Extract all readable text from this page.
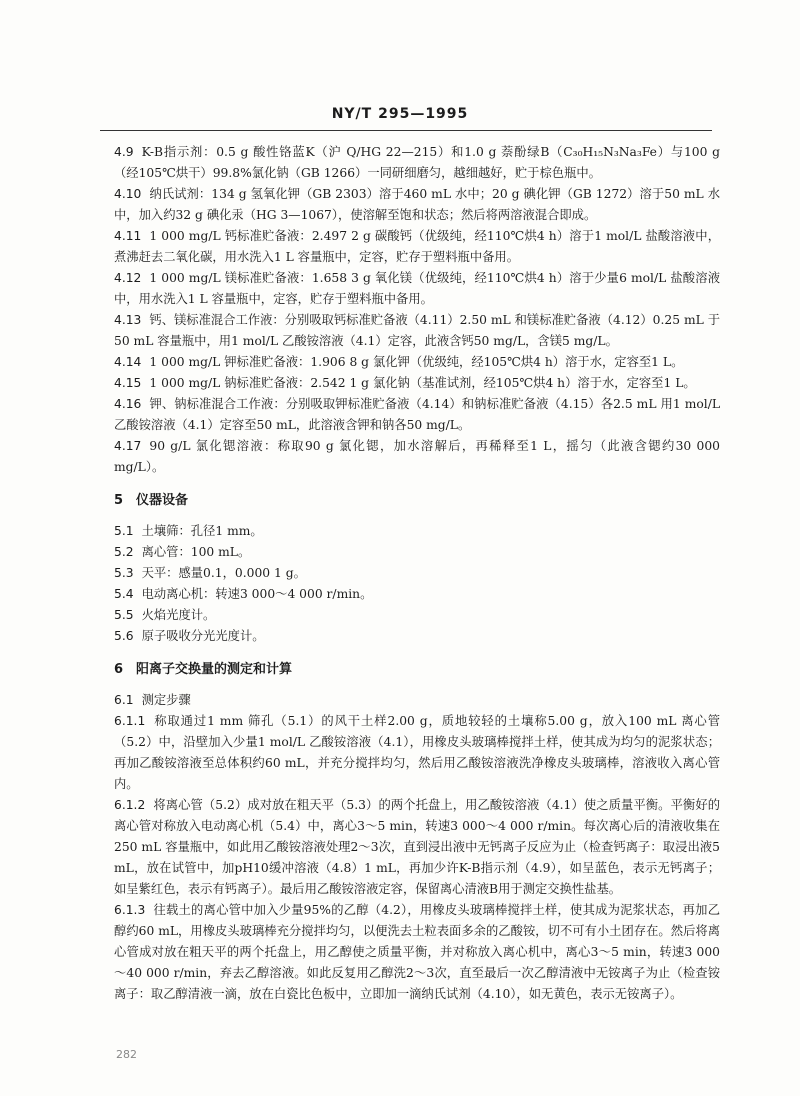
NY/T 295—1995

4.9 K-B指示剂：0.5 g 酸性铬蓝K（沪 Q/HG 22—215）和1.0 g 萘酚绿B（C₃₀H₁₅N₃Na₃Fe）与100 g（经105℃烘干）99.8%氯化钠（GB 1266）一同研细磨匀，越细越好，贮于棕色瓶中。

4.10 纳氏试剂：134 g 氢氧化钾（GB 2303）溶于460 mL 水中；20 g 碘化钾（GB 1272）溶于50 mL 水中，加入约32 g 碘化汞（HG 3—1067），使溶解至饱和状态；然后将两溶液混合即成。

4.11 1 000 mg/L 钙标准贮备液：2.497 2 g 碳酸钙（优级纯，经110℃烘4 h）溶于1 mol/L 盐酸溶液中，煮沸赶去二氧化碳，用水洗入1 L 容量瓶中，定容，贮存于塑料瓶中备用。

4.12 1 000 mg/L 镁标准贮备液：1.658 3 g 氧化镁（优级纯，经110℃烘4 h）溶于少量6 mol/L 盐酸溶液中，用水洗入1 L 容量瓶中，定容，贮存于塑料瓶中备用。

4.13 钙、镁标准混合工作液：分别吸取钙标准贮备液（4.11）2.50 mL 和镁标准贮备液（4.12）0.25 mL 于50 mL 容量瓶中，用1 mol/L 乙酸铵溶液（4.1）定容，此液含钙50 mg/L，含镁5 mg/L。

4.14 1 000 mg/L 钾标准贮备液：1.906 8 g 氯化钾（优级纯，经105℃烘4 h）溶于水，定容至1 L。

4.15 1 000 mg/L 钠标准贮备液：2.542 1 g 氯化钠（基准试剂，经105℃烘4 h）溶于水，定容至1 L。

4.16 钾、钠标准混合工作液：分别吸取钾标准贮备液（4.14）和钠标准贮备液（4.15）各2.5 mL 用1 mol/L乙酸铵溶液（4.1）定容至50 mL，此溶液含钾和钠各50 mg/L。

4.17 90 g/L 氯化锶溶液：称取90 g 氯化锶，加水溶解后，再稀释至1 L，摇匀（此液含锶约30 000 mg/L）。

5　仪器设备

5.1 土壤筛：孔径1 mm。

5.2 离心管：100 mL。

5.3 天平：感量0.1，0.000 1 g。

5.4 电动离心机：转速3 000～4 000 r/min。

5.5 火焰光度计。

5.6 原子吸收分光光度计。

6　阳离子交换量的测定和计算

6.1 测定步骤

6.1.1 称取通过1 mm 筛孔（5.1）的风干土样2.00 g，质地较轻的土壤称5.00 g，放入100 mL 离心管（5.2）中，沿壁加入少量1 mol/L 乙酸铵溶液（4.1），用橡皮头玻璃棒搅拌土样，使其成为均匀的泥浆状态；再加乙酸铵溶液至总体积约60 mL，并充分搅拌均匀，然后用乙酸铵溶液洗净橡皮头玻璃棒，溶液收入离心管内。

6.1.2 将离心管（5.2）成对放在粗天平（5.3）的两个托盘上，用乙酸铵溶液（4.1）使之质量平衡。平衡好的离心管对称放入电动离心机（5.4）中，离心3～5 min，转速3 000～4 000 r/min。每次离心后的清液收集在250 mL 容量瓶中，如此用乙酸铵溶液处理2～3次，直到浸出液中无钙离子反应为止（检查钙离子：取浸出液5 mL，放在试管中，加pH10缓冲溶液（4.8）1 mL，再加少许K-B指示剂（4.9），如呈蓝色，表示无钙离子；如呈紫红色，表示有钙离子）。最后用乙酸铵溶液定容，保留离心清液B用于测定交换性盐基。

6.1.3 往载土的离心管中加入少量95%的乙醇（4.2），用橡皮头玻璃棒搅拌土样，使其成为泥浆状态，再加乙醇约60 mL，用橡皮头玻璃棒充分搅拌均匀，以便洗去土粒表面多余的乙酸铵，切不可有小土团存在。然后将离心管成对放在粗天平的两个托盘上，用乙醇使之质量平衡，并对称放入离心机中，离心3～5 min，转速3 000～40 000 r/min，弃去乙醇溶液。如此反复用乙醇洗2～3次，直至最后一次乙醇清液中无铵离子为止（检查铵离子：取乙醇清液一滴，放在白瓷比色板中，立即加一滴纳氏试剂（4.10），如无黄色，表示无铵离子）。

282
